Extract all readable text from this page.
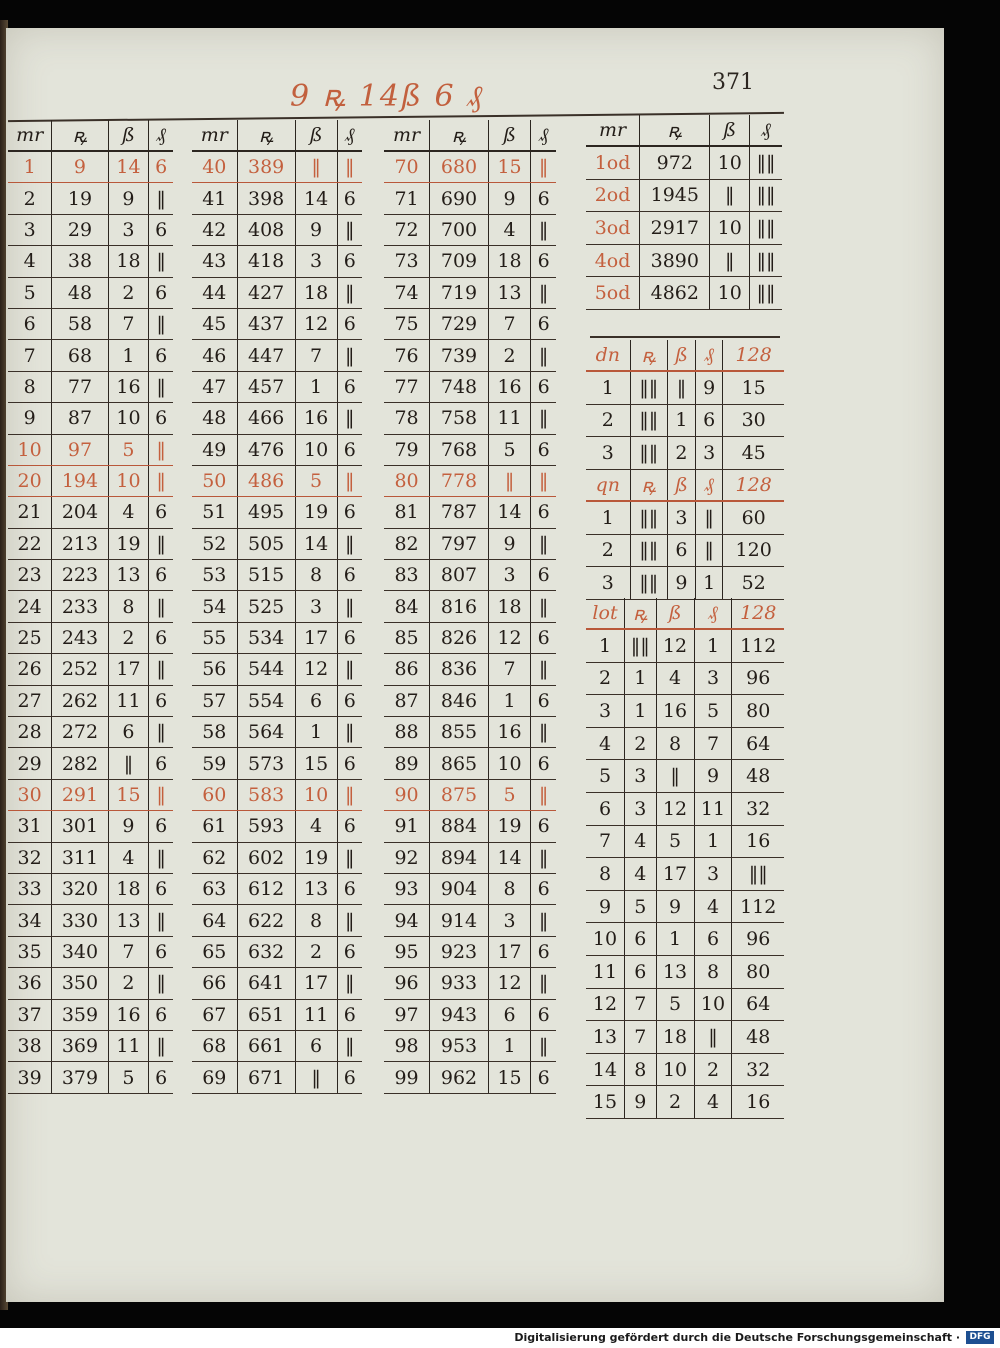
9 ꝶ 14ß 6 ₰	371
mr	ꝶ	ß	₰
1	9	14	6
2	19	9	‖
3	29	3	6
4	38	18	‖
5	48	2	6
6	58	7	‖
7	68	1	6
8	77	16	‖
9	87	10	6
10	97	5	‖
20	194	10	‖
21	204	4	6
22	213	19	‖
23	223	13	6
24	233	8	‖
25	243	2	6
26	252	17	‖
27	262	11	6
28	272	6	‖
29	282	‖	6
30	291	15	‖
31	301	9	6
32	311	4	‖
33	320	18	6
34	330	13	‖
35	340	7	6
36	350	2	‖
37	359	16	6
38	369	11	‖
39	379	5	6
mr	ꝶ	ß	₰
40	389	‖	‖
41	398	14	6
42	408	9	‖
43	418	3	6
44	427	18	‖
45	437	12	6
46	447	7	‖
47	457	1	6
48	466	16	‖
49	476	10	6
50	486	5	‖
51	495	19	6
52	505	14	‖
53	515	8	6
54	525	3	‖
55	534	17	6
56	544	12	‖
57	554	6	6
58	564	1	‖
59	573	15	6
60	583	10	‖
61	593	4	6
62	602	19	‖
63	612	13	6
64	622	8	‖
65	632	2	6
66	641	17	‖
67	651	11	6
68	661	6	‖
69	671	‖	6
mr	ꝶ	ß	₰
70	680	15	‖
71	690	9	6
72	700	4	‖
73	709	18	6
74	719	13	‖
75	729	7	6
76	739	2	‖
77	748	16	6
78	758	11	‖
79	768	5	6
80	778	‖	‖
81	787	14	6
82	797	9	‖
83	807	3	6
84	816	18	‖
85	826	12	6
86	836	7	‖
87	846	1	6
88	855	16	‖
89	865	10	6
90	875	5	‖
91	884	19	6
92	894	14	‖
93	904	8	6
94	914	3	‖
95	923	17	6
96	933	12	‖
97	943	6	6
98	953	1	‖
99	962	15	6
mr	ꝶ	ß	₰
1od	972	10	‖‖
2od	1945	‖	‖‖
3od	2917	10	‖‖
4od	3890	‖	‖‖
5od	4862	10	‖‖
dn	ꝶ	ß	₰	128
1	‖‖	‖	9	15
2	‖‖	1	6	30
3	‖‖	2	3	45
qn	ꝶ	ß	₰	128
1	‖‖	3	‖	60
2	‖‖	6	‖	120
3	‖‖	9	1	52
lot	ꝶ	ß	₰	128
1	‖‖	12	1	112
2	1	4	3	96
3	1	16	5	80
4	2	8	7	64
5	3	‖	9	48
6	3	12	11	32
7	4	5	1	16
8	4	17	3	‖‖
9	5	9	4	112
10	6	1	6	96
11	6	13	8	80
12	7	5	10	64
13	7	18	‖	48
14	8	10	2	32
15	9	2	4	16
Digitalisierung gefördert durch die Deutsche Forschungsgemeinschaft ·	DFG
